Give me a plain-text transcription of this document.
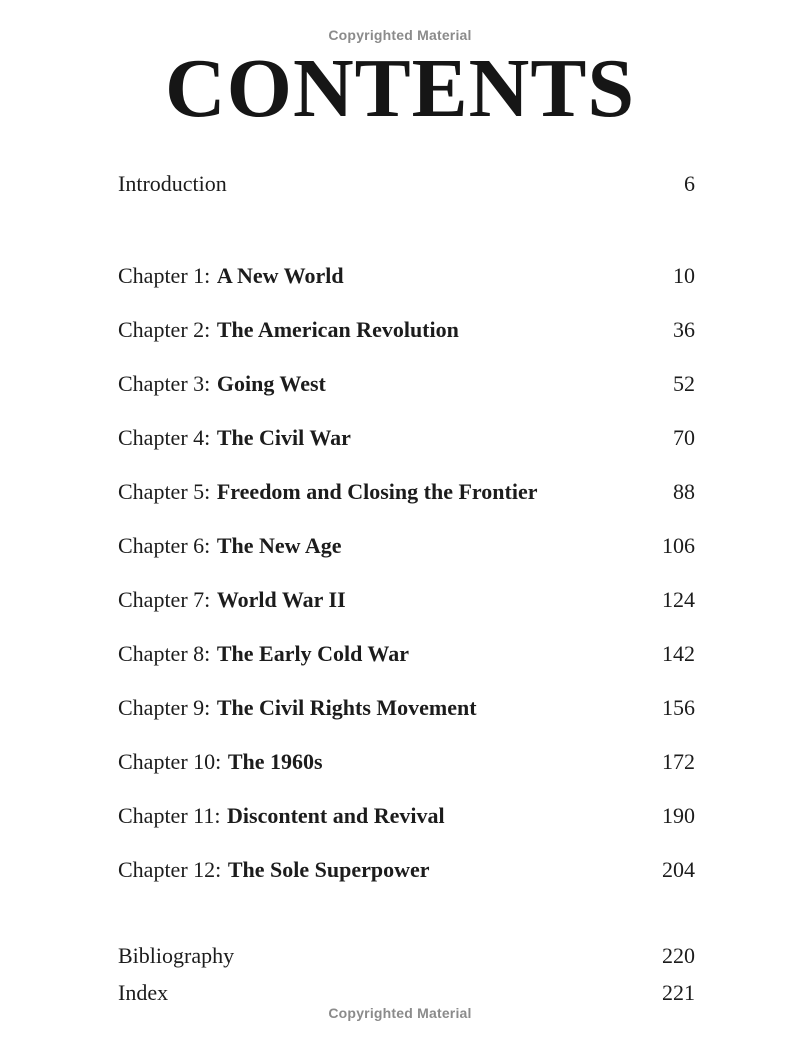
Copyrighted Material
CONTENTS
Introduction	6
Chapter 1: A New World	10
Chapter 2: The American Revolution	36
Chapter 3: Going West	52
Chapter 4: The Civil War	70
Chapter 5: Freedom and Closing the Frontier	88
Chapter 6: The New Age	106
Chapter 7: World War II	124
Chapter 8: The Early Cold War	142
Chapter 9: The Civil Rights Movement	156
Chapter 10: The 1960s	172
Chapter 11: Discontent and Revival	190
Chapter 12: The Sole Superpower	204
Bibliography	220
Index	221
Copyrighted Material
